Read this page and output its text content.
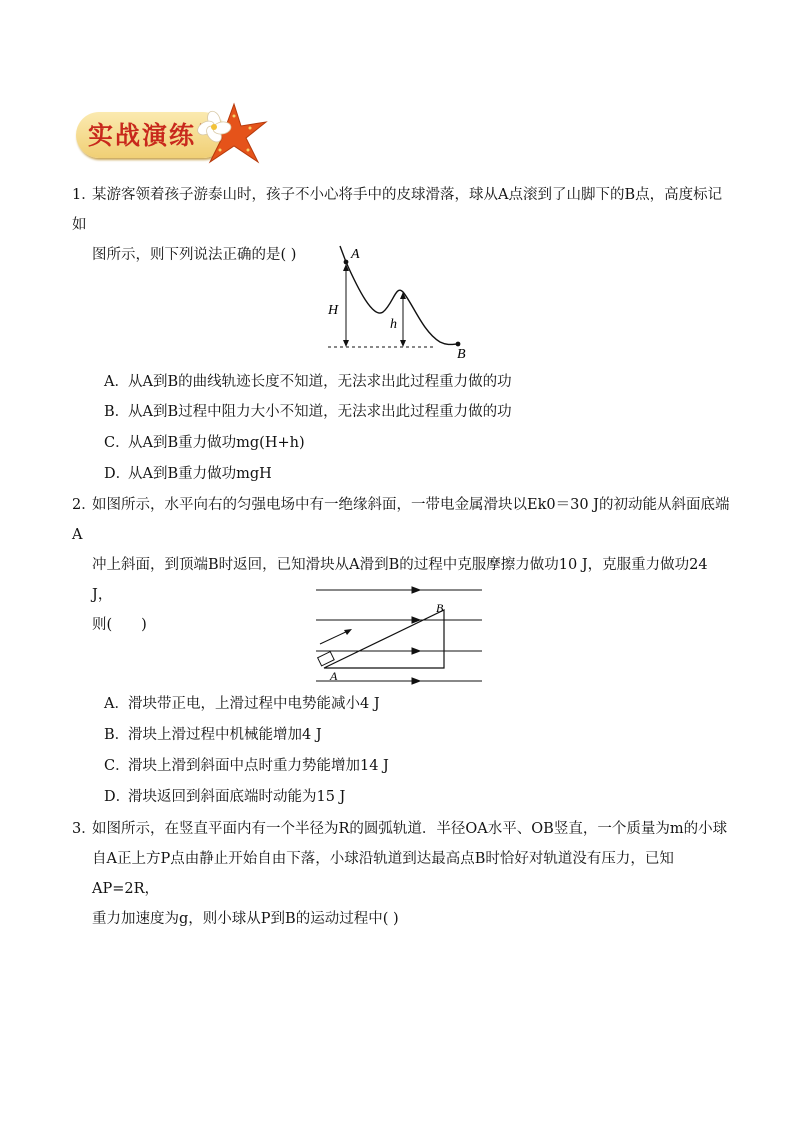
实战演练
1．某游客领着孩子游泰山时，孩子不小心将手中的皮球滑落，球从A点滚到了山脚下的B点，高度标记如
图所示，则下列说法正确的是( )	A
B
H
h
A．从A到B的曲线轨迹长度不知道，无法求出此过程重力做的功
B．从A到B过程中阻力大小不知道，无法求出此过程重力做的功
C．从A到B重力做功mg(H+h)
D．从A到B重力做功mgH
2．如图所示，水平向右的匀强电场中有一绝缘斜面，一带电金属滑块以Ek0＝30 J的初动能从斜面底端A
冲上斜面，到顶端B时返回，已知滑块从A滑到B的过程中克服摩擦力做功10 J，克服重力做功24 J，
则(　　)
A
B
A．滑块带正电，上滑过程中电势能减小4 J
B．滑块上滑过程中机械能增加4 J
C．滑块上滑到斜面中点时重力势能增加14 J
D．滑块返回到斜面底端时动能为15 J
3．如图所示，在竖直平面内有一个半径为R的圆弧轨道．半径OA水平、OB竖直，一个质量为m的小球
自A正上方P点由静止开始自由下落，小球沿轨道到达最高点B时恰好对轨道没有压力，已知AP=2R，
重力加速度为g，则小球从P到B的运动过程中( )
